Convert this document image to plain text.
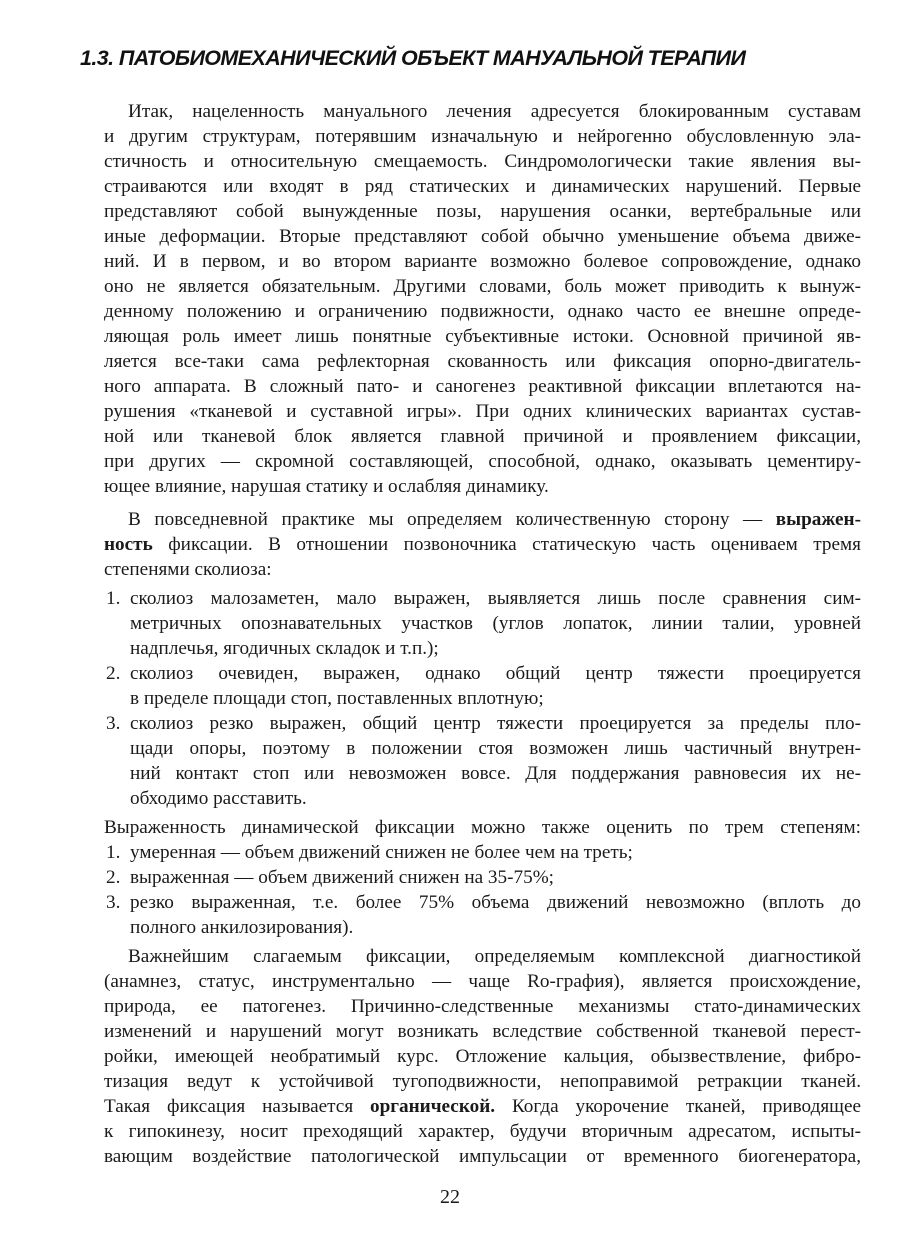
1.3. ПАТОБИОМЕХАНИЧЕСКИЙ ОБЪЕКТ МАНУАЛЬНОЙ ТЕРАПИИ
Итак, нацеленность мануального лечения адресуется блокированным суставам
и другим структурам, потерявшим изначальную и нейрогенно обусловленную эла-
стичность и относительную смещаемость. Синдромологически такие явления вы-
страиваются или входят в ряд статических и динамических нарушений. Первые
представляют собой вынужденные позы, нарушения осанки, вертебральные или
иные деформации. Вторые представляют собой обычно уменьшение объема движе-
ний. И в первом, и во втором варианте возможно болевое сопровождение, однако
оно не является обязательным. Другими словами, боль может приводить к вынуж-
денному положению и ограничению подвижности, однако часто ее внешне опреде-
ляющая роль имеет лишь понятные субъективные истоки. Основной причиной яв-
ляется все-таки сама рефлекторная скованность или фиксация опорно-двигатель-
ного аппарата. В сложный пато- и саногенез реактивной фиксации вплетаются на-
рушения «тканевой и суставной игры». При одних клинических вариантах сустав-
ной или тканевой блок является главной причиной и проявлением фиксации,
при других — скромной составляющей, способной, однако, оказывать цементиру-
ющее влияние, нарушая статику и ослабляя динамику.
В повседневной практике мы определяем количественную сторону — выражен-
ность фиксации. В отношении позвоночника статическую часть оцениваем тремя
степенями сколиоза:
1. сколиоз малозаметен, мало выражен, выявляется лишь после сравнения сим-
метричных опознавательных участков (углов лопаток, линии талии, уровней
надплечья, ягодичных складок и т.п.);
2. сколиоз очевиден, выражен, однако общий центр тяжести проецируется
в пределе площади стоп, поставленных вплотную;
3. сколиоз резко выражен, общий центр тяжести проецируется за пределы пло-
щади опоры, поэтому в положении стоя возможен лишь частичный внутрен-
ний контакт стоп или невозможен вовсе. Для поддержания равновесия их не-
обходимо расставить.
Выраженность динамической фиксации можно также оценить по трем степеням:
1. умеренная — объем движений снижен не более чем на треть;
2. выраженная — объем движений снижен на 35-75%;
3. резко выраженная, т.е. более 75% объема движений невозможно (вплоть до
полного анкилозирования).
Важнейшим слагаемым фиксации, определяемым комплексной диагностикой
(анамнез, статус, инструментально — чаще Ro-графия), является происхождение,
природа, ее патогенез. Причинно-следственные механизмы стато-динамических
изменений и нарушений могут возникать вследствие собственной тканевой перест-
ройки, имеющей необратимый курс. Отложение кальция, обызвествление, фибро-
тизация ведут к устойчивой тугоподвижности, непоправимой ретракции тканей.
Такая фиксация называется органической. Когда укорочение тканей, приводящее
к гипокинезу, носит преходящий характер, будучи вторичным адресатом, испыты-
вающим воздействие патологической импульсации от временного биогенератора,
22
